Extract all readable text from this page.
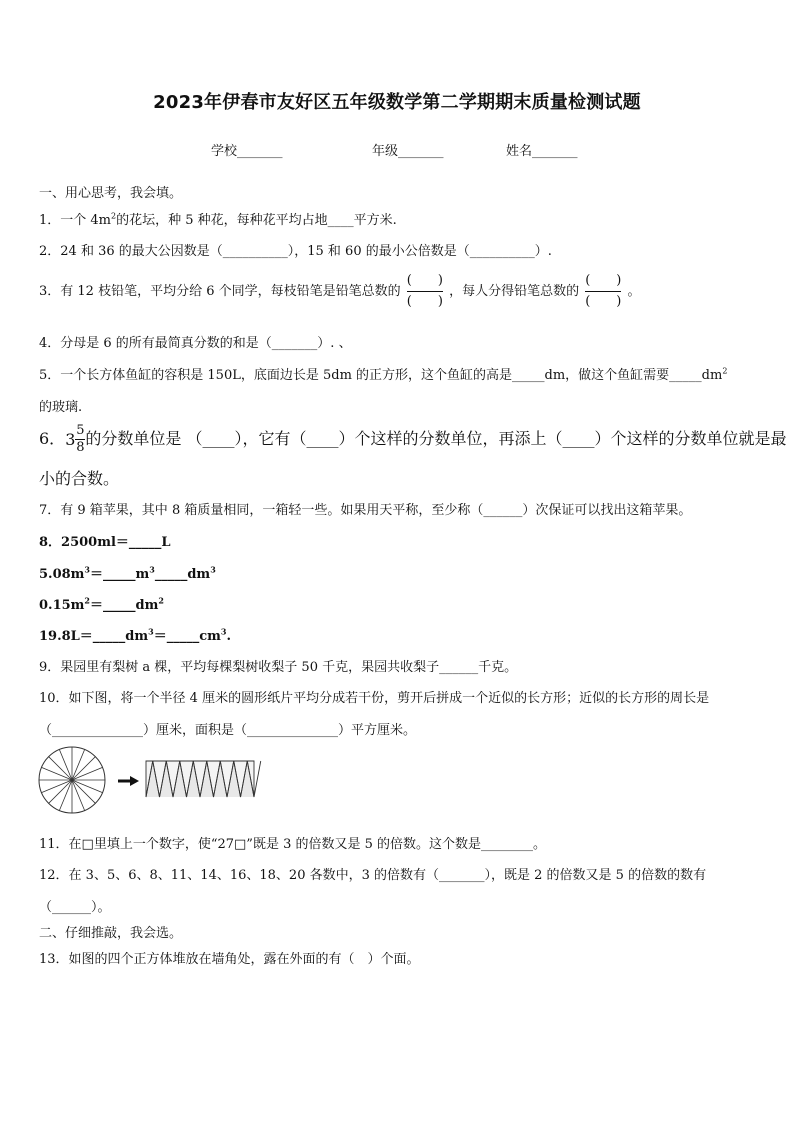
2023年伊春市友好区五年级数学第二学期期末质量检测试题
学校_______	年级_______	姓名_______
一、用心思考，我会填。
1．一个 $4m^2$的花坛，种 5 种花，每种花平均占地____平方米.
2．24 和 36 的最大公因数是（__________），15 和 60 的最小公倍数是（__________）.
3．有 12 枝铅笔，平均分给 6 个同学，每枝铅笔是铅笔总数的 $\frac{( )}{( )}$ ，每人分得铅笔总数的 $\frac{( )}{( )}$ 。
4．分母是 6 的所有最简真分数的和是（_______）. 、
5．一个长方体鱼缸的容积是 150L，底面边长是 5dm 的正方形，这个鱼缸的高是_____dm，做这个鱼缸需要$\_\_\_\_\_dm^2$
的玻璃.
6．$3\frac{5}{8}$的分数单位是 （____），它有（____）个这样的分数单位，再添上（____）个这样的分数单位就是最
小的合数。
7．有 9 箱苹果，其中 8 箱质量相同，一箱轻一些。如果用天平称，至少称（______）次保证可以找出这箱苹果。
8．2500ml＝_____L
$5.08m^3=\_\_\_\_\_m^3\_\_\_\_\_dm^3$
$0.15m^2=\_\_\_\_\_dm^2$
$19.8L=\_\_\_\_\_dm^3=\_\_\_\_\_cm^3$.
9．果园里有梨树 a 棵，平均每棵梨树收梨子 50 千克，果园共收梨子______千克。
10．如下图，将一个半径 4 厘米的圆形纸片平均分成若干份，剪开后拼成一个近似的长方形；近似的长方形的周长是
（______________）厘米，面积是（______________）平方厘米。
11．在□里填上一个数字，使“27□”既是 3 的倍数又是 5 的倍数。这个数是________。
12．在 3、5、6、8、11、14、16、18、20 各数中，3 的倍数有（_______），既是 2 的倍数又是 5 的倍数的数有
（______）。
二、仔细推敲，我会选。
13．如图的四个正方体堆放在墙角处，露在外面的有（　）个面。
